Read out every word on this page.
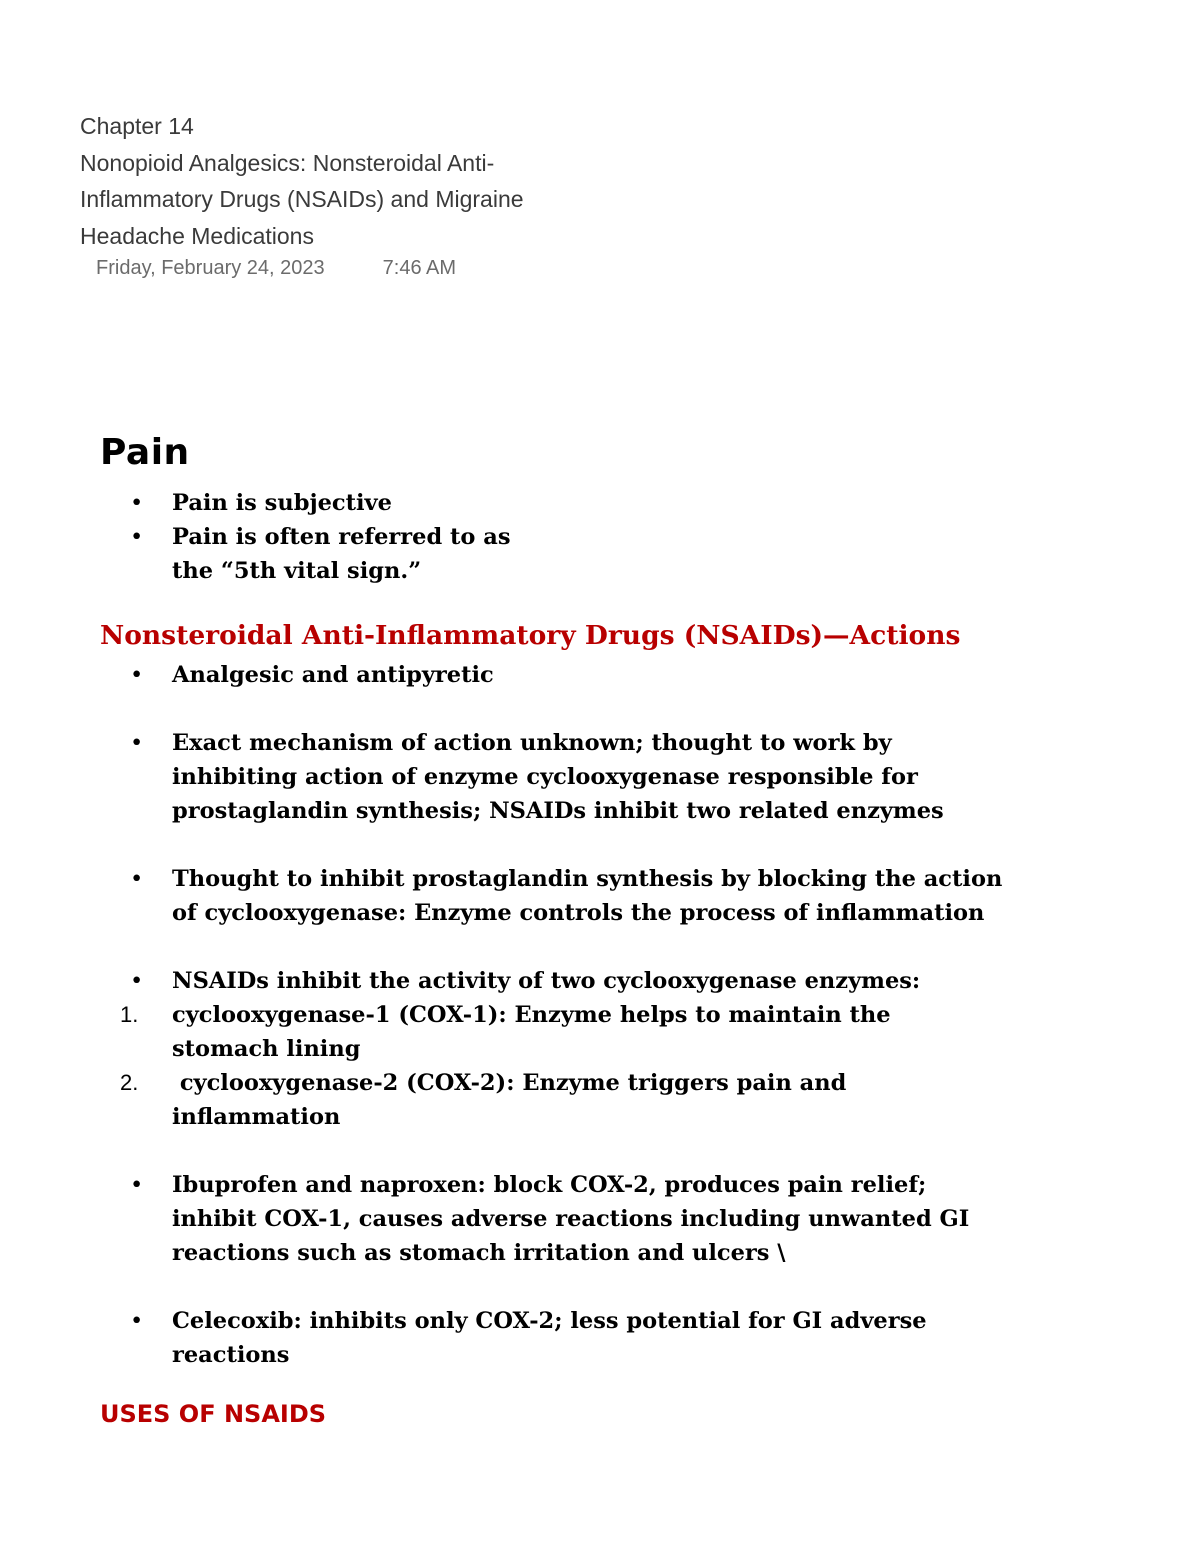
Chapter 14
Nonopioid Analgesics: Nonsteroidal Anti-
Inflammatory Drugs (NSAIDs) and Migraine
Headache Medications
Friday, February 24, 2023	7:46 AM
Pain
• Pain is subjective
• Pain is often referred to as
the “5th vital sign.”
Nonsteroidal Anti-Inflammatory Drugs (NSAIDs)—Actions
• Analgesic and antipyretic
• Exact mechanism of action unknown; thought to work by
inhibiting action of enzyme cyclooxygenase responsible for
prostaglandin synthesis; NSAIDs inhibit two related enzymes
• Thought to inhibit prostaglandin synthesis by blocking the action
of cyclooxygenase: Enzyme controls the process of inflammation
• NSAIDs inhibit the activity of two cyclooxygenase enzymes:
1. cyclooxygenase-1 (COX-1): Enzyme helps to maintain the
stomach lining
2. cyclooxygenase-2 (COX-2): Enzyme triggers pain and
inflammation
• Ibuprofen and naproxen: block COX-2, produces pain relief;
inhibit COX-1, causes adverse reactions including unwanted GI
reactions such as stomach irritation and ulcers \
• Celecoxib: inhibits only COX-2; less potential for GI adverse
reactions
USES OF NSAIDS
